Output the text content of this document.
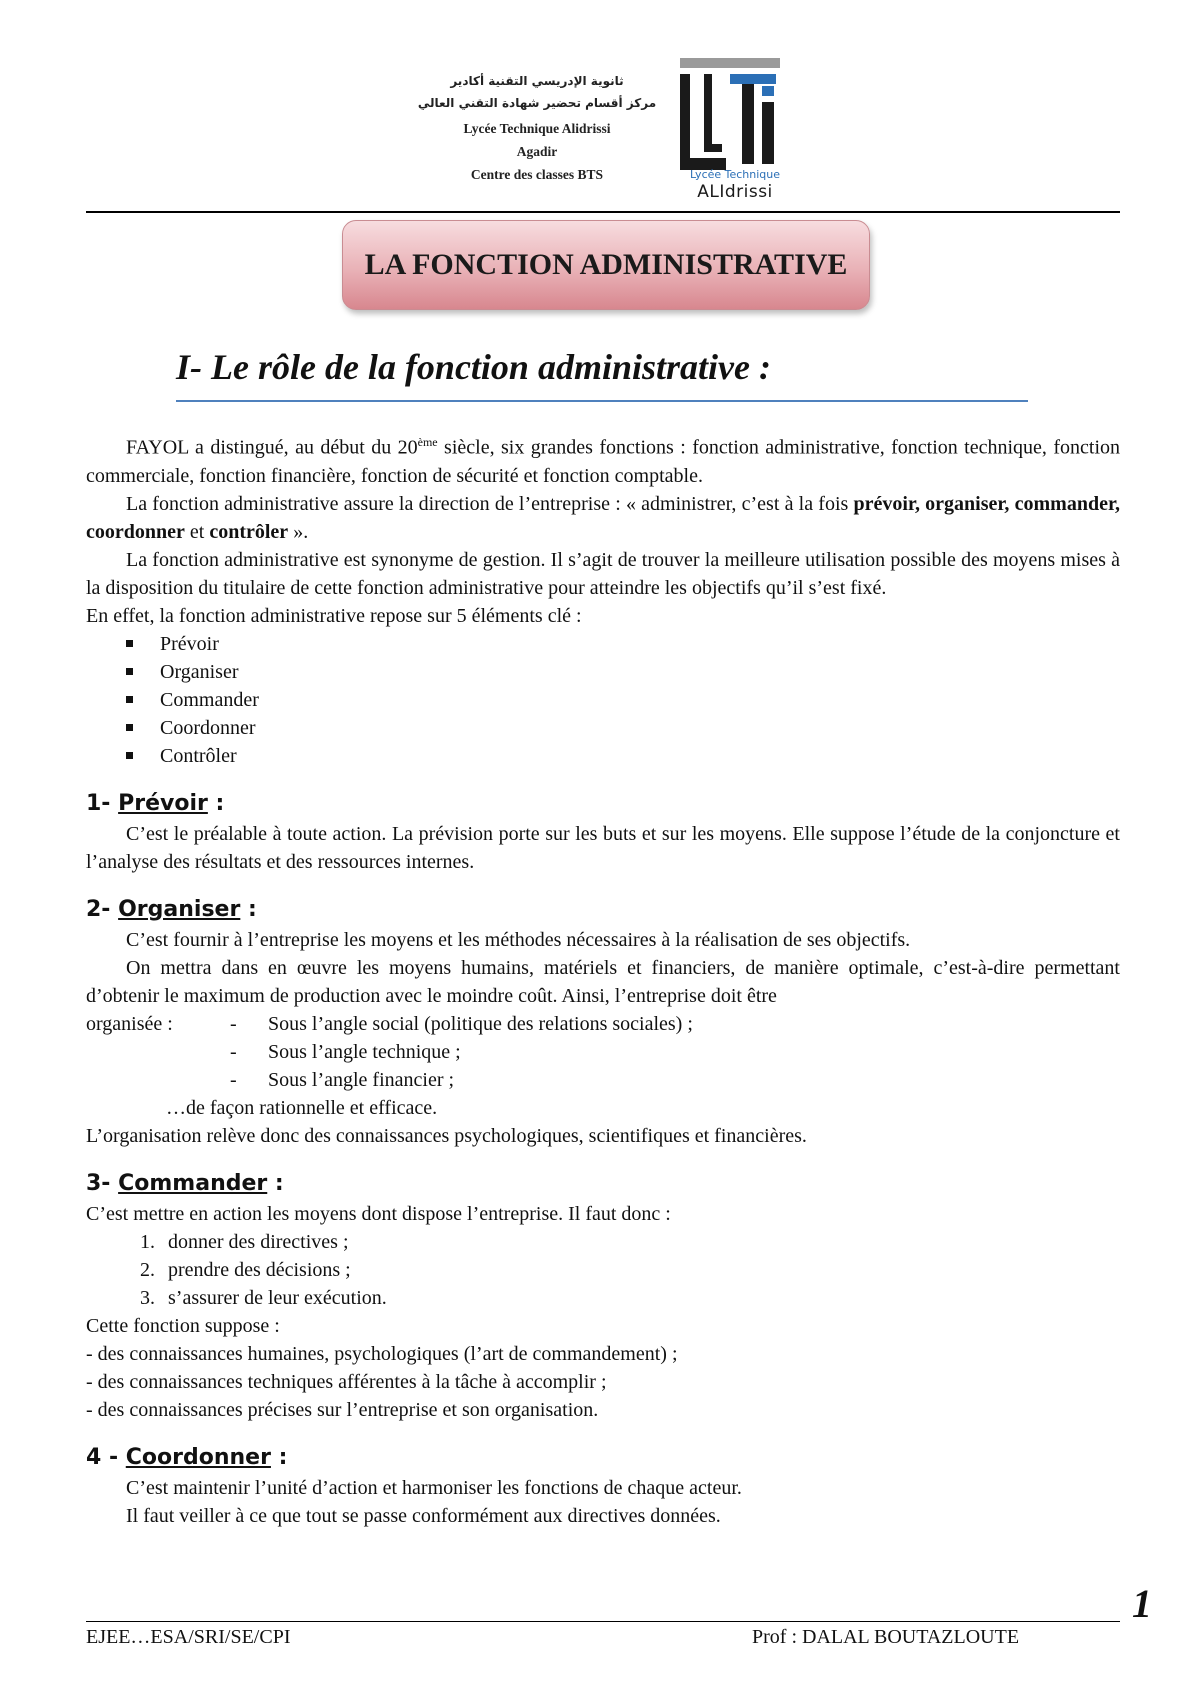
ثانوية الإدريسي التقنية أكادير
مركز أقسام تحضير شهادة التقني العالي
Lycée Technique Alidrissi
Agadir
Centre des classes BTS	Lycée Technique
ALIdrissi
LA FONCTION ADMINISTRATIVE
I- Le rôle de la fonction administrative :

FAYOL a distingué, au début du 20ème siècle, six grandes fonctions : fonction administrative, fonction technique, fonction commerciale, fonction financière, fonction de sécurité et fonction comptable.

La fonction administrative assure la direction de l’entreprise : « administrer, c’est à la fois prévoir, organiser, commander, coordonner et contrôler ».

La fonction administrative est synonyme de gestion. Il s’agit de trouver la meilleure utilisation possible des moyens mises à la disposition du titulaire de cette fonction administrative pour atteindre les objectifs qu’il s’est fixé.

En effet, la fonction administrative repose sur 5 éléments clé :

Prévoir
Organiser
Commander
Coordonner
Contrôler
1- Prévoir :

C’est le préalable à toute action. La prévision porte sur les buts et sur les moyens. Elle suppose l’étude de la conjoncture et l’analyse des résultats et des ressources internes.

2- Organiser :

C’est fournir à l’entreprise les moyens et les méthodes nécessaires à la réalisation de ses objectifs.

On mettra dans en œuvre les moyens humains, matériels et financiers, de manière optimale, c’est-à-dire permettant d’obtenir le maximum de production avec le moindre coût. Ainsi, l’entreprise doit être

organisée :	- Sous l’angle social (politique des relations sociales) ;
- Sous l’angle technique ;
- Sous l’angle financier ;

…de façon rationnelle et efficace.

L’organisation relève donc des connaissances psychologiques, scientifiques et financières.

3- Commander :

C’est mettre en action les moyens dont dispose l’entreprise. Il faut donc :

1. donner des directives ;
2. prendre des décisions ;
3. s’assurer de leur exécution.

Cette fonction suppose :

- des connaissances humaines, psychologiques (l’art de commandement) ;

- des connaissances techniques afférentes à la tâche à accomplir ;

- des connaissances précises sur l’entreprise et son organisation.

4 - Coordonner :

C’est maintenir l’unité d’action et harmoniser les fonctions de chaque acteur.

Il faut veiller à ce que tout se passe conformément aux directives données.

1
EJEE…ESA/SRI/SE/CPI	Prof : DALAL BOUTAZLOUTE
